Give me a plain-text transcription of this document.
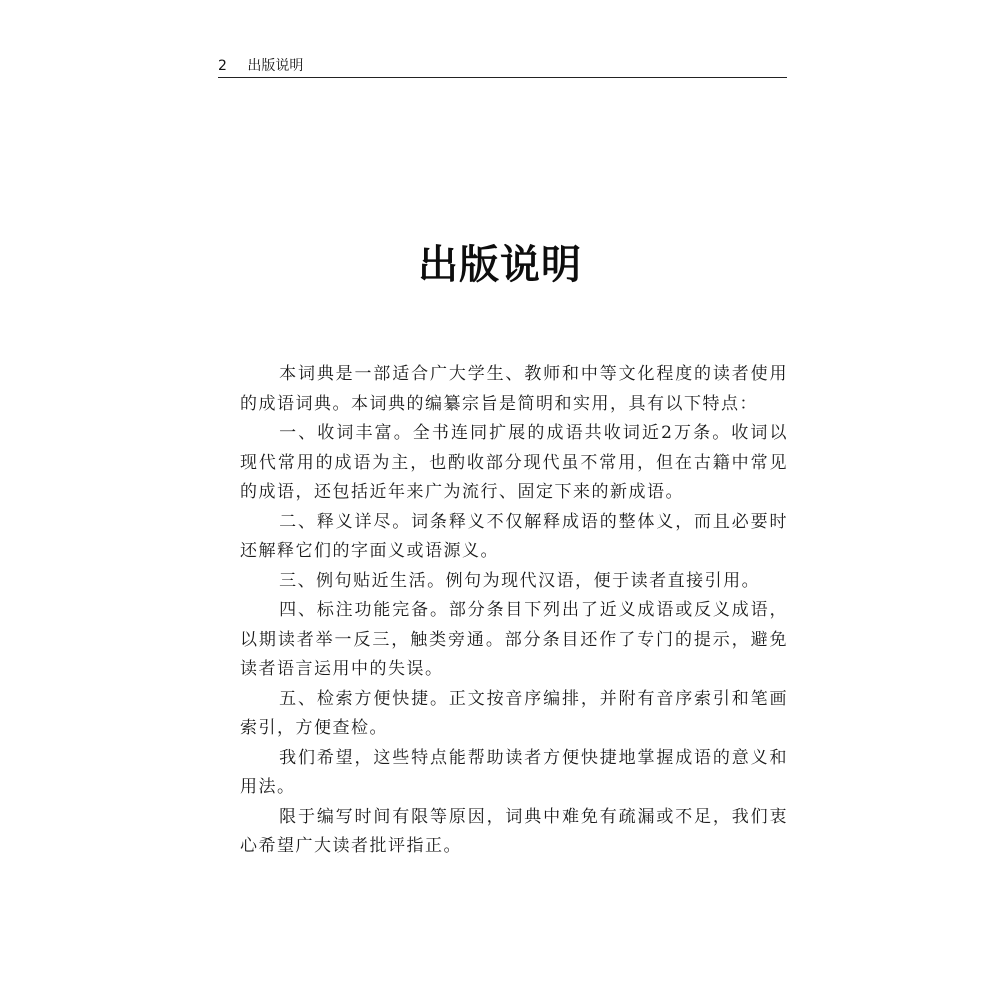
2 出版说明
出版说明

本词典是一部适合广大学生、教师和中等文化程度的读者使用的成语词典。本词典的编纂宗旨是简明和实用，具有以下特点：

一、收词丰富。全书连同扩展的成语共收词近2万条。收词以现代常用的成语为主，也酌收部分现代虽不常用，但在古籍中常见的成语，还包括近年来广为流行、固定下来的新成语。

二、释义详尽。词条释义不仅解释成语的整体义，而且必要时还解释它们的字面义或语源义。

三、例句贴近生活。例句为现代汉语，便于读者直接引用。

四、标注功能完备。部分条目下列出了近义成语或反义成语，以期读者举一反三，触类旁通。部分条目还作了专门的提示，避免读者语言运用中的失误。

五、检索方便快捷。正文按音序编排，并附有音序索引和笔画索引，方便查检。

我们希望，这些特点能帮助读者方便快捷地掌握成语的意义和用法。

限于编写时间有限等原因，词典中难免有疏漏或不足，我们衷心希望广大读者批评指正。
